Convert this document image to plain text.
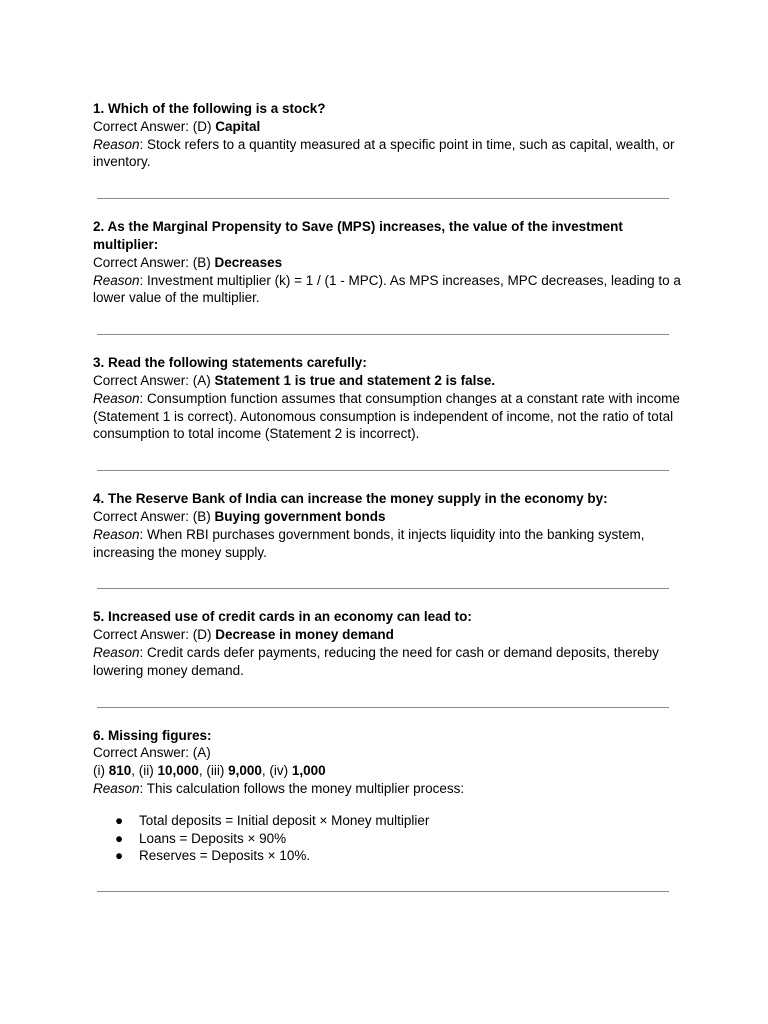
1. Which of the following is a stock?

Correct Answer: (D) Capital

Reason: Stock refers to a quantity measured at a specific point in time, such as capital, wealth, or inventory.

2. As the Marginal Propensity to Save (MPS) increases, the value of the investment multiplier:

Correct Answer: (B) Decreases

Reason: Investment multiplier (k) = 1 / (1 - MPC). As MPS increases, MPC decreases, leading to a lower value of the multiplier.

3. Read the following statements carefully:

Correct Answer: (A) Statement 1 is true and statement 2 is false.

Reason: Consumption function assumes that consumption changes at a constant rate with income (Statement 1 is correct). Autonomous consumption is independent of income, not the ratio of total consumption to total income (Statement 2 is incorrect).

4. The Reserve Bank of India can increase the money supply in the economy by:

Correct Answer: (B) Buying government bonds

Reason: When RBI purchases government bonds, it injects liquidity into the banking system, increasing the money supply.

5. Increased use of credit cards in an economy can lead to:

Correct Answer: (D) Decrease in money demand

Reason: Credit cards defer payments, reducing the need for cash or demand deposits, thereby lowering money demand.

6. Missing figures:

Correct Answer: (A)

(i) 810, (ii) 10,000, (iii) 9,000, (iv) 1,000

Reason: This calculation follows the money multiplier process:

● Total deposits = Initial deposit × Money multiplier
● Loans = Deposits × 90%
● Reserves = Deposits × 10%.
